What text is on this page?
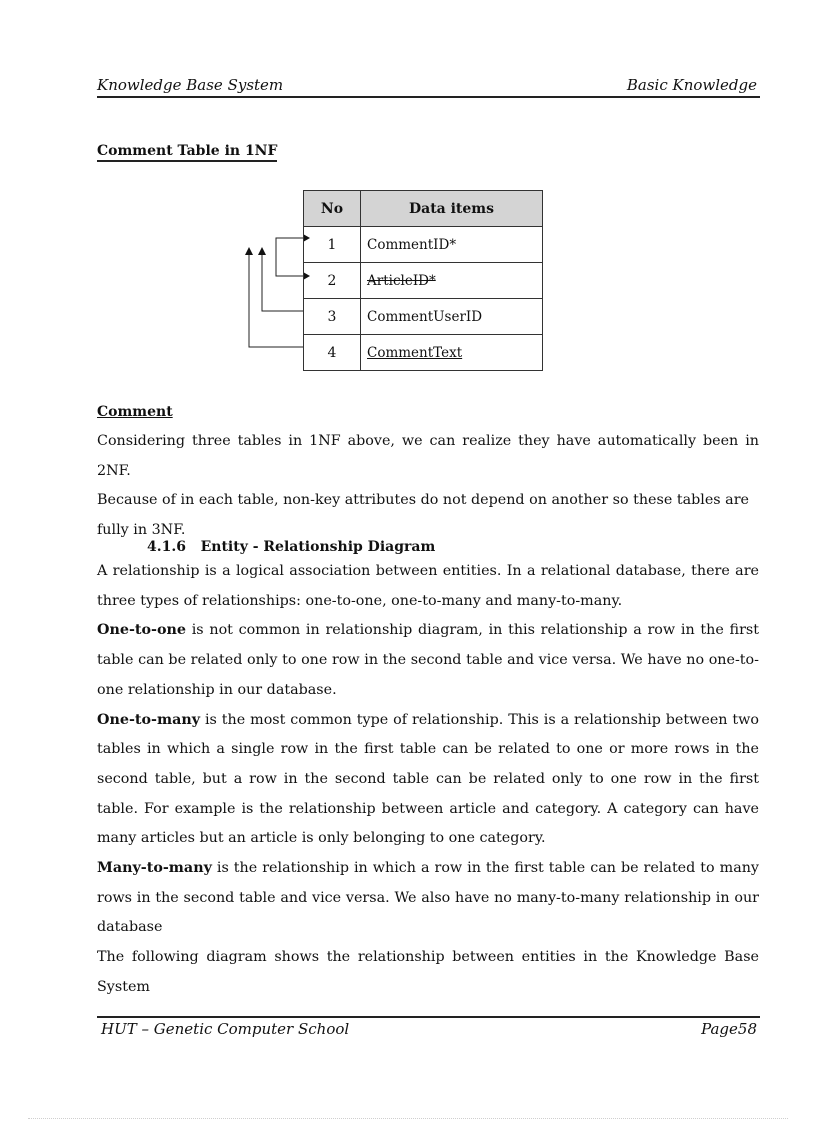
Knowledge Base System	Basic Knowledge
Comment Table in 1NF
No	Data items
1	CommentID*
2	ArticleID*
3	CommentUserID
4	CommentText
Comment

Considering three tables in 1NF above, we can realize they have automatically been in 2NF.

Because of in each table, non-key attributes do not depend on another so these tables are

fully in 3NF.

4.1.6 Entity - Relationship Diagram

A relationship is a logical association between entities. In a relational database, there are three types of relationships: one-to-one, one-to-many and many-to-many.

One-to-one is not common in relationship diagram, in this relationship a row in the first table can be related only to one row in the second table and vice versa. We have no one-to-one relationship in our database.

One-to-many is the most common type of relationship. This is a relationship between two tables in which a single row in the first table can be related to one or more rows in the second table, but a row in the second table can be related only to one row in the first table. For example is the relationship between article and category. A category can have many articles but an article is only belonging to one category.

Many-to-many is the relationship in which a row in the first table can be related to many rows in the second table and vice versa. We also have no many-to-many relationship in our database

The following diagram shows the relationship between entities in the Knowledge Base System

HUT – Genetic Computer School	Page58
